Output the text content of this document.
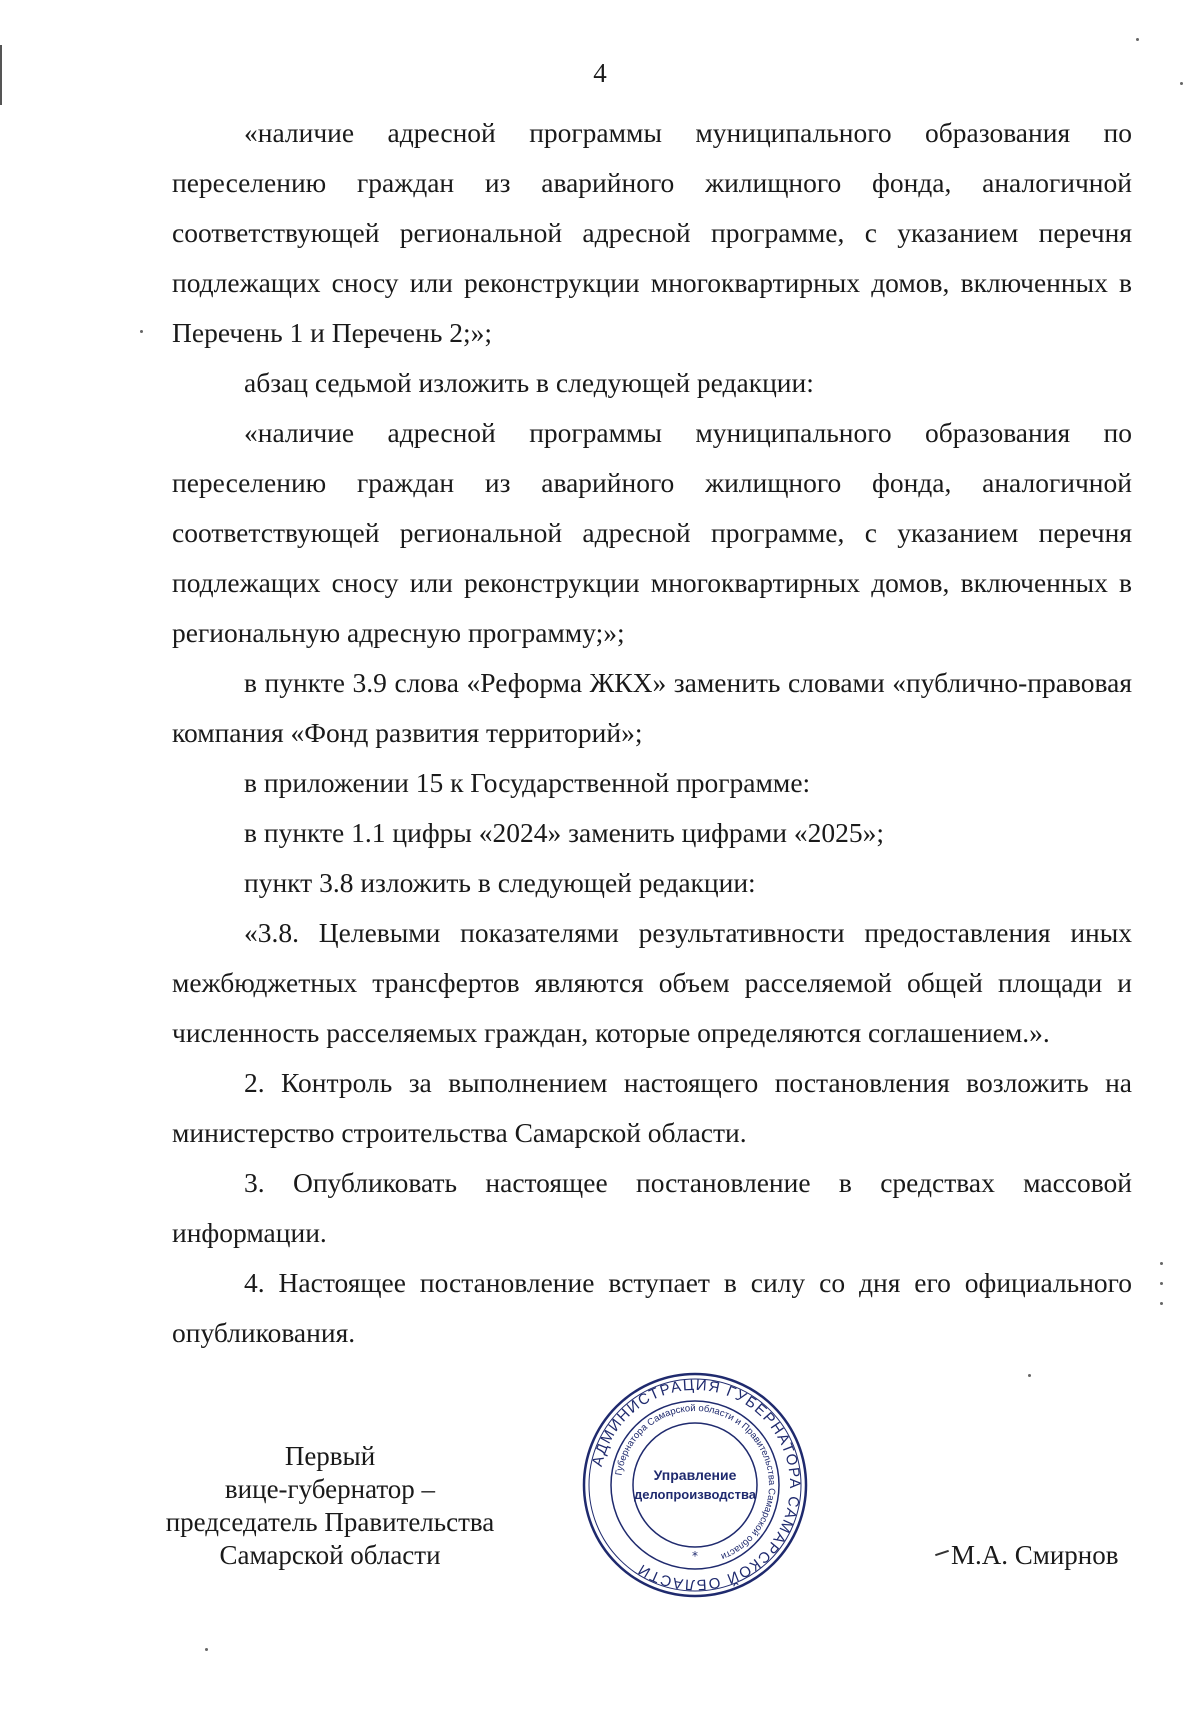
4

«наличие адресной программы муниципального образования по переселению граждан из аварийного жилищного фонда, аналогичной соответствующей региональной адресной программе, с указанием перечня подлежащих сносу или реконструкции многоквартирных домов, включенных в Перечень 1 и Перечень 2;»;

абзац седьмой изложить в следующей редакции:

«наличие адресной программы муниципального образования по переселению граждан из аварийного жилищного фонда, аналогичной соответствующей региональной адресной программе, с указанием перечня подлежащих сносу или реконструкции многоквартирных домов, включенных в региональную адресную программу;»;

в пункте 3.9 слова «Реформа ЖКХ» заменить словами «публично-правовая компания «Фонд развития территорий»;

в приложении 15 к Государственной программе:

в пункте 1.1 цифры «2024» заменить цифрами «2025»;

пункт 3.8 изложить в следующей редакции:

«3.8. Целевыми показателями результативности предоставления иных межбюджетных трансфертов являются объем расселяемой общей площади и численность расселяемых граждан, которые определяются соглашением.».

2. Контроль за выполнением настоящего постановления возложить на министерство строительства Самарской области.

3. Опубликовать настоящее постановление в средствах массовой информации.

4. Настоящее постановление вступает в силу со дня его официального опубликования.

Первый
вице-губернатор –
председатель Правительства
Самарской области
АДМИНИСТРАЦИЯ ГУБЕРНАТОРА САМАРСКОЙ ОБЛАСТИ
Губернатора Самарской области и Правительства Самарской области
Управление
делопроизводства
*	М.А. Смирнов
